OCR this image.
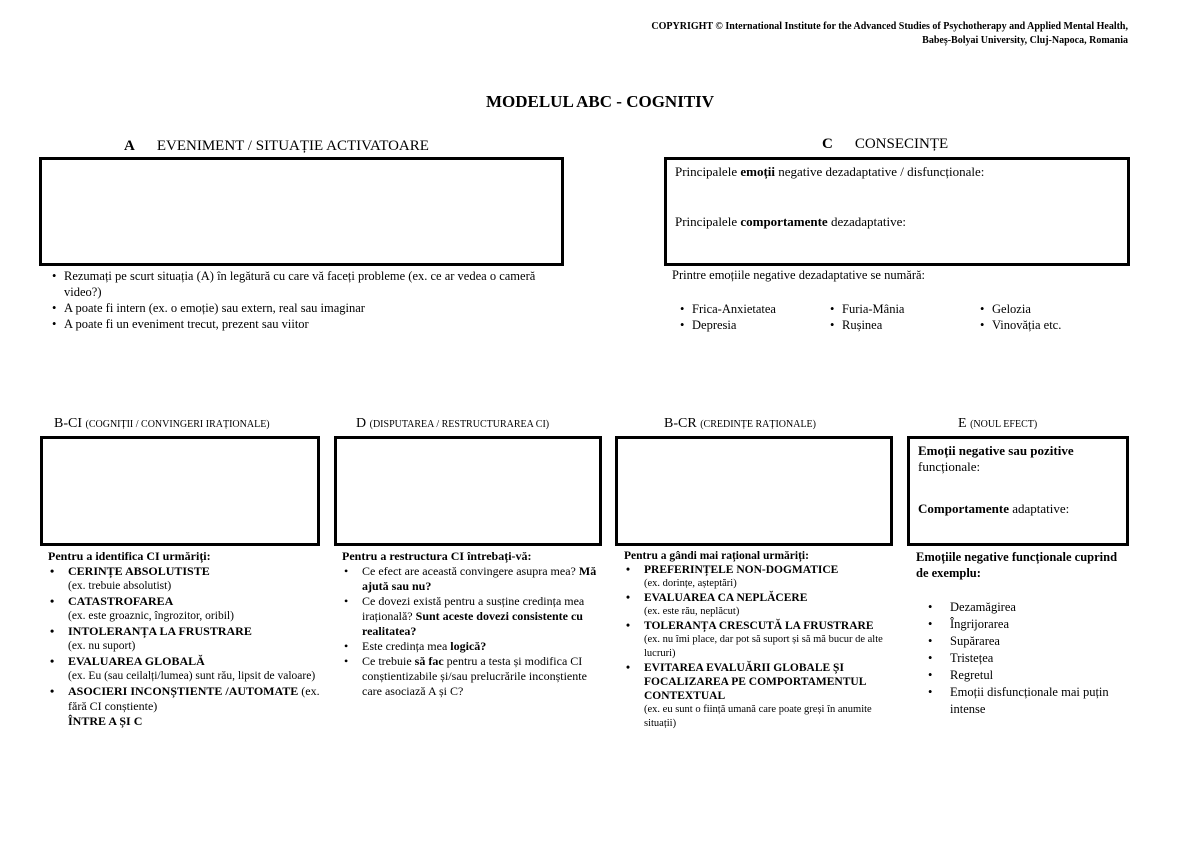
COPYRIGHT © International Institute for the Advanced Studies of Psychotherapy and Applied Mental Health,
Babeș-Bolyai University, Cluj-Napoca, Romania
MODELUL ABC - COGNITIV
A EVENIMENT / SITUAȚIE ACTIVATOARE
• Rezumați pe scurt situația (A) în legătură cu care vă faceți probleme (ex. ce ar vedea o cameră video?)
• A poate fi intern (ex. o emoție) sau extern, real sau imaginar
• A poate fi un eveniment trecut, prezent sau viitor
C CONSECINȚE
Principalele emoții negative dezadaptative / disfuncționale:
Principalele comportamente dezadaptative:
Printre emoțiile negative dezadaptative se numără:
• Frica-Anxietatea	• Furia-Mânia	• Gelozia
• Depresia	• Rușinea	• Vinovăția etc.
B-CI (COGNIȚII / CONVINGERI IRAȚIONALE)	D (DISPUTAREA / RESTRUCTURAREA CI)	B-CR (CREDINȚE RAȚIONALE)	E (NOUL EFECT)
Emoții negative sau pozitive
funcționale:
Comportamente adaptative:
Pentru a identifica CI urmăriți:
• CERINȚE ABSOLUTISTE
(ex. trebuie absolutist)
• CATASTROFAREA
(ex. este groaznic, îngrozitor, oribil)
• INTOLERANȚA LA FRUSTRARE
(ex. nu suport)
• EVALUAREA GLOBALĂ
(ex. Eu (sau ceilalți/lumea) sunt rău, lipsit de valoare)
• ASOCIERI INCONȘTIENTE /AUTOMATE (ex. fără CI conștiente)
ÎNTRE A ȘI C
Pentru a restructura CI întrebați-vă:
• Ce efect are această convingere asupra mea? Mă ajută sau nu?
• Ce dovezi există pentru a susține credința mea irațională? Sunt aceste dovezi consistente cu realitatea?
• Este credința mea logică?
• Ce trebuie să fac pentru a testa și modifica CI conștientizabile și/sau prelucrările inconștiente care asociază A și C?
Pentru a gândi mai rațional urmăriți:
• PREFERINȚELE NON-DOGMATICE
(ex. dorințe, așteptări)
• EVALUAREA CA NEPLĂCERE
(ex. este rău, neplăcut)
• TOLERANȚA CRESCUTĂ LA FRUSTRARE
(ex. nu îmi place, dar pot să suport și să mă bucur de alte lucruri)
• EVITAREA EVALUĂRII GLOBALE ȘI FOCALIZAREA PE COMPORTAMENTUL CONTEXTUAL
(ex. eu sunt o ființă umană care poate greși în anumite situații)
Emoțiile negative funcționale cuprind de exemplu:
• Dezamăgirea
• Îngrijorarea
• Supărarea
• Tristețea
• Regretul
• Emoții disfuncționale mai puțin intense
